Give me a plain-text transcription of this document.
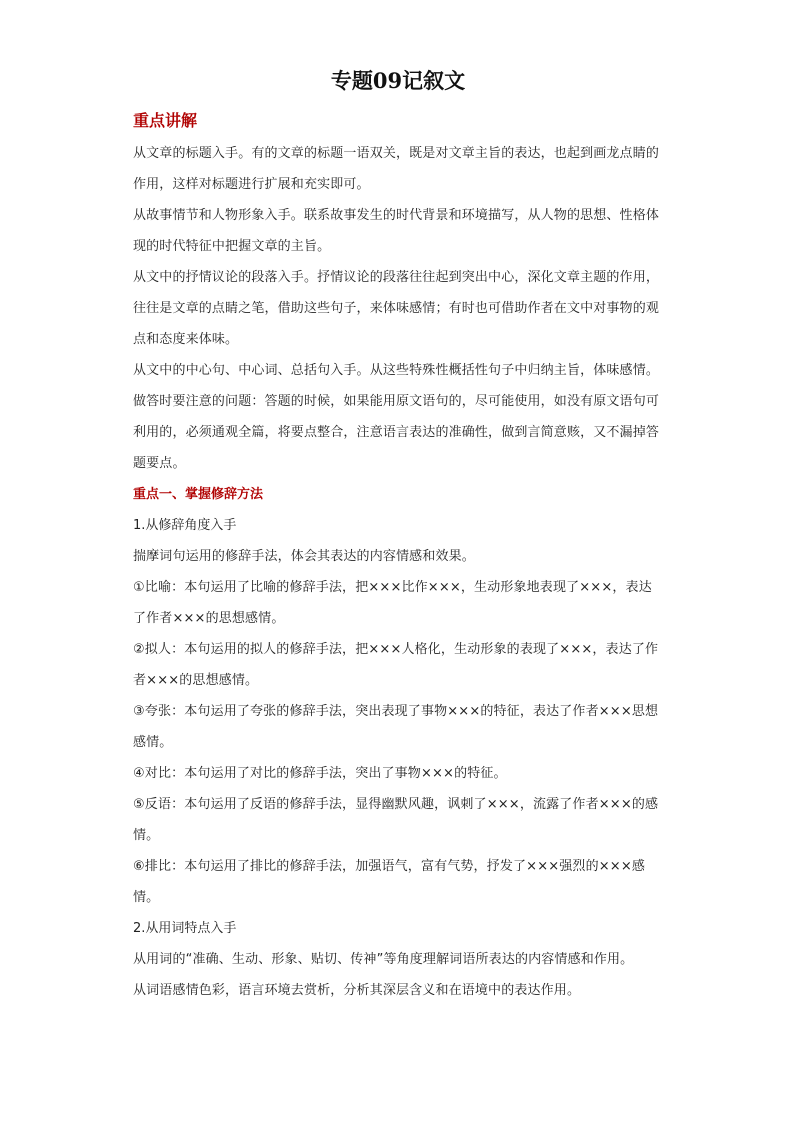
专题09记叙文
重点讲解

从文章的标题入手。有的文章的标题一语双关，既是对文章主旨的表达，也起到画龙点睛的作用，这样对标题进行扩展和充实即可。

从故事情节和人物形象入手。联系故事发生的时代背景和环境描写，从人物的思想、性格体现的时代特征中把握文章的主旨。

从文中的抒情议论的段落入手。抒情议论的段落往往起到突出中心，深化文章主题的作用，往往是文章的点睛之笔，借助这些句子，来体味感情；有时也可借助作者在文中对事物的观点和态度来体味。

从文中的中心句、中心词、总括句入手。从这些特殊性概括性句子中归纳主旨，体味感情。

做答时要注意的问题：答题的时候，如果能用原文语句的，尽可能使用，如没有原文语句可利用的，必须通观全篇，将要点整合，注意语言表达的准确性，做到言简意赅，又不漏掉答题要点。

重点一、掌握修辞方法

1.从修辞角度入手

揣摩词句运用的修辞手法，体会其表达的内容情感和效果。

①比喻：本句运用了比喻的修辞手法，把×××比作×××，生动形象地表现了×××，表达了作者×××的思想感情。

②拟人：本句运用的拟人的修辞手法，把×××人格化，生动形象的表现了×××，表达了作者×××的思想感情。

③夸张：本句运用了夸张的修辞手法，突出表现了事物×××的特征，表达了作者×××思想感情。

④对比：本句运用了对比的修辞手法，突出了事物×××的特征。

⑤反语：本句运用了反语的修辞手法，显得幽默风趣，讽刺了×××，流露了作者×××的感情。

⑥排比：本句运用了排比的修辞手法，加强语气，富有气势，抒发了×××强烈的×××感情。

2.从用词特点入手

从用词的“准确、生动、形象、贴切、传神”等角度理解词语所表达的内容情感和作用。

从词语感情色彩，语言环境去赏析，分析其深层含义和在语境中的表达作用。
